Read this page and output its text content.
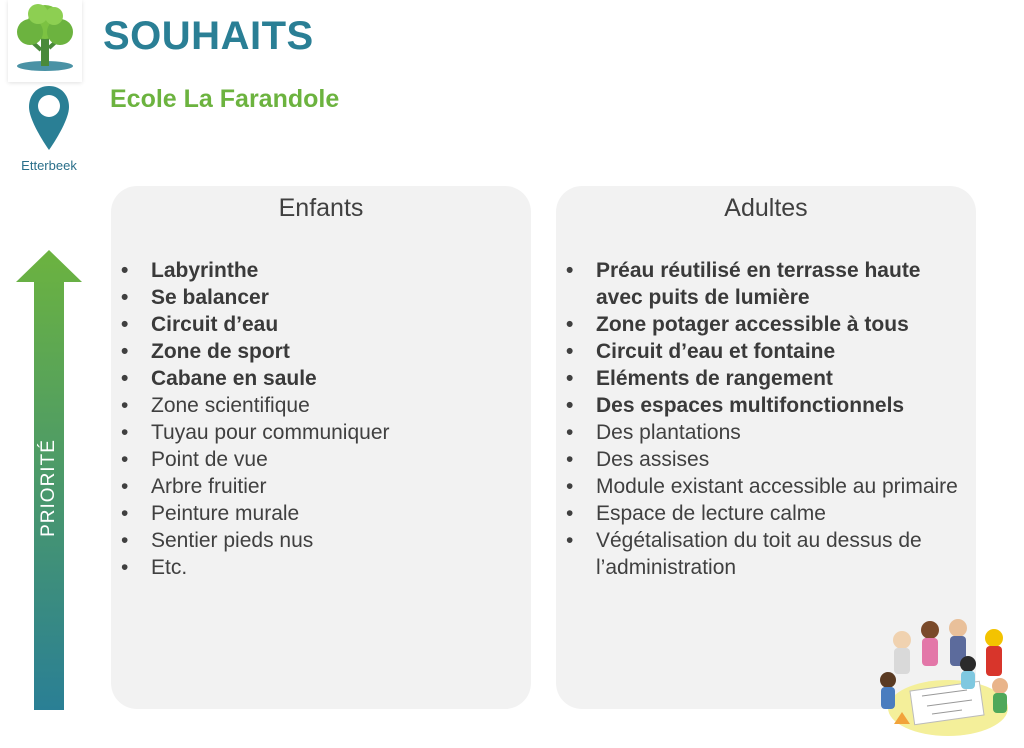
SOUHAITS
Ecole La Farandole
Etterbeek
PRIORITÉ
Enfants
• Labyrinthe
• Se balancer
• Circuit d’eau
• Zone de sport
• Cabane en saule
• Zone scientifique
• Tuyau pour communiquer
• Point de vue
• Arbre fruitier
• Peinture murale
• Sentier pieds nus
• Etc.
Adultes
• Préau réutilisé en terrasse haute avec puits de lumière
• Zone potager accessible à tous
• Circuit d’eau et fontaine
• Eléments de rangement
• Des espaces multifonctionnels
• Des plantations
• Des assises
• Module existant accessible au primaire
• Espace de lecture calme
• Végétalisation du toit au dessus de l’administration
